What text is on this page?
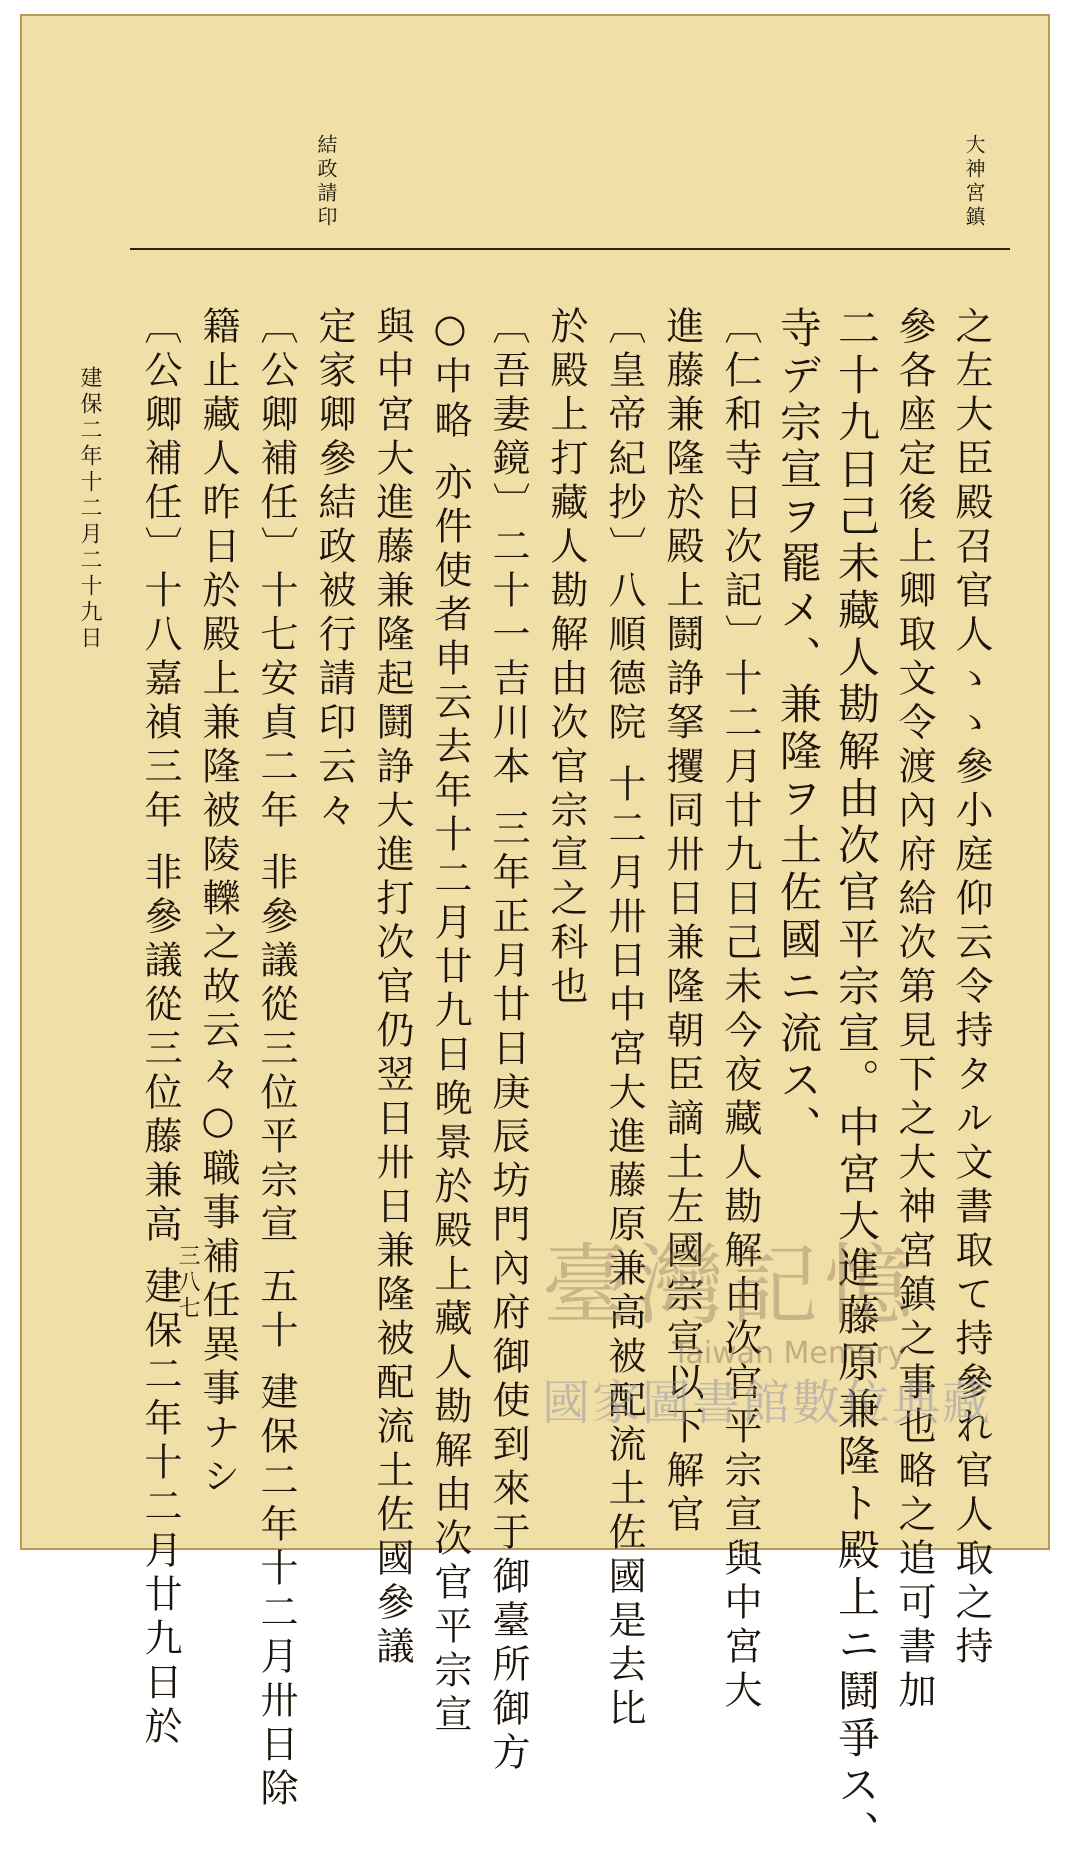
大神宮鎮
結政請印
之左大臣殿召官人ゝゝ參小庭仰云令持タル文書取て持參れ官人取之持
參各座定後上卿取文令渡內府給次第見下之大神宮鎮之事也略之追可書加
二十九日己未藏人勘解由次官平宗宣。中宮大進藤原兼隆ト殿上ニ鬪爭ス、
寺デ宗宣ヲ罷メ、兼隆ヲ土佐國ニ流ス、
〔仁和寺日次記〕十二月廿九日己未今夜藏人勘解由次官平宗宣與中宮大
進藤兼隆於殿上鬪諍拏攫同卅日兼隆朝臣謫土左國宗宣以下解官
〔皇帝紀抄〕八順德院 十二月卅日中宮大進藤原兼高被配流土佐國是去比
於殿上打藏人勘解由次官宗宣之科也
〔吾妻鏡〕二十一吉川本 三年正月廿日庚辰坊門內府御使到來于御臺所御方
○中略 亦件使者申云去年十二月廿九日晚景於殿上藏人勘解由次官平宗宣
與中宮大進藤兼隆起鬪諍大進打次官仍翌日卅日兼隆被配流土佐國參議
定家卿參結政被行請印云々
〔公卿補任〕十七安貞二年 非參議從三位平宗宣 五十 建保二年十二月卅日除
籍止藏人昨日於殿上兼隆被陵轢之故云々○職事補任異事ナシ
〔公卿補任〕十八嘉禎三年 非參議從三位藤兼高 建保二年十二月廿九日於
建保二年十二月二十九日
三八七	臺灣記憶
Taiwan Memory
國家圖書館數位典藏
